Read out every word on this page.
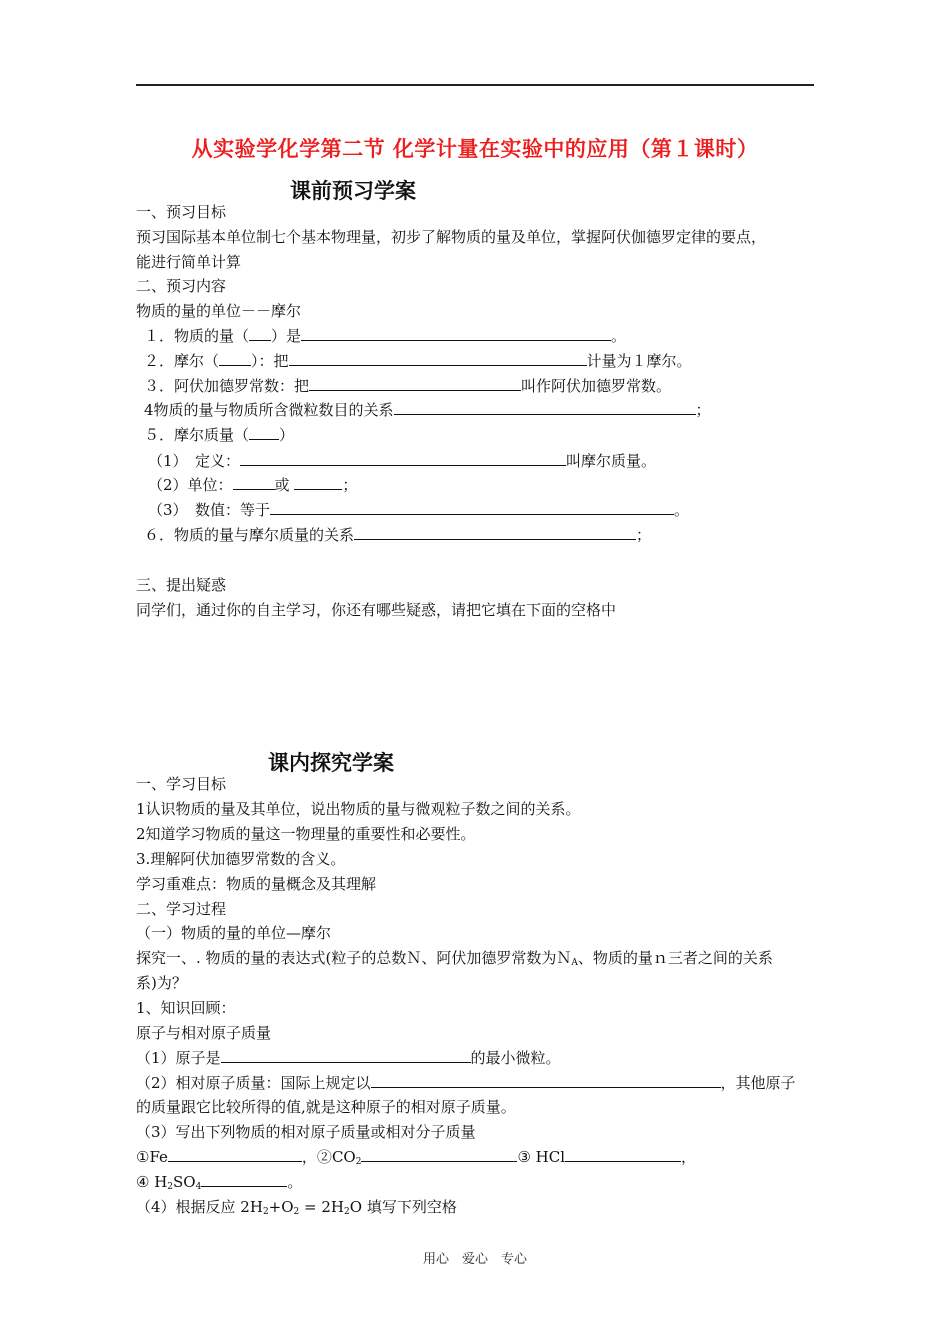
从实验学化学第二节 化学计量在实验中的应用（第１课时）
课前预习学案
一、预习目标
预习国际基本单位制七个基本物理量，初步了解物质的量及单位，掌握阿伏伽德罗定律的要点，
能进行简单计算
二、预习内容
物质的量的单位－－摩尔
１．物质的量（ ）是	。
２．摩尔（ ）：把	计量为１摩尔。
３．阿伏加德罗常数：把	叫作阿伏加德罗常数。
4物质的量与物质所含微粒数目的关系	；
５．摩尔质量（ ）
（1）　定义：	叫摩尔质量。
（2）单位：	或	；
（3）　数值：等于	。
６．物质的量与摩尔质量的关系	；
三、提出疑惑
同学们，通过你的自主学习，你还有哪些疑惑，请把它填在下面的空格中
课内探究学案
一、学习目标
1认识物质的量及其单位，说出物质的量与微观粒子数之间的关系。
2知道学习物质的量这一物理量的重要性和必要性。
3.理解阿伏加德罗常数的含义。
学习重难点：物质的量概念及其理解
二、学习过程
（一）物质的量的单位—摩尔
探究一、. 物质的量的表达式(粒子的总数Ｎ、阿伏加德罗常数为Ｎ$_A$、物质的量ｎ三者之间的关系
系)为？
1、知识回顾：
原子与相对原子质量
（1）原子是	的最小微粒。
（2）相对原子质量：国际上规定以	，其他原子
的质量跟它比较所得的值,就是这种原子的相对原子质量。
（3）写出下列物质的相对原子质量或相对分子质量
①Fe	，$②CO_2$	③ HCl	，
④ $H_2SO_4$	。
（4）根据反应 $2H_2+O_2 = 2H_2O$ 填写下列空格
用心　爱心　专心
